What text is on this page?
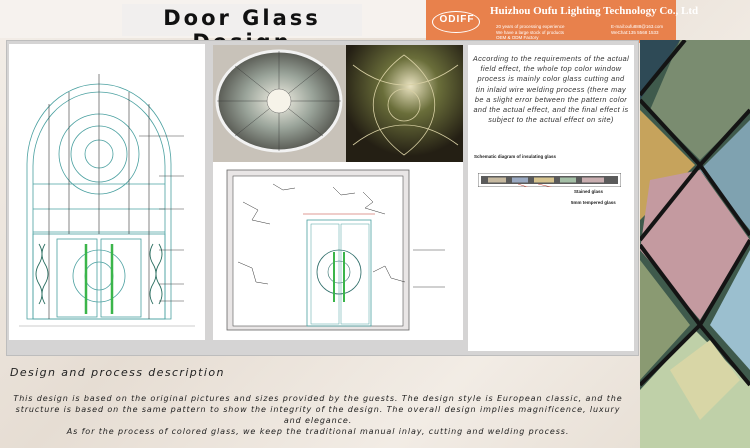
Door Glass	ODIFF
Huizhou Oufu Lighting Technology Co., Ltd
20 years of processing experience
We have a large stock of products
OEM & ODM Factory
E-mail:oufu888@163.com
WeChat:135 5568 1533
According to the requirements of the actual field effect, the whole top color window process is mainly color glass cutting and tin inlaid wire welding process (there may be a slight error between the pattern color and the actual effect, and the final effect is subject to the actual effect on site)
Schematic diagram of insulating glass
Stained glass
5mm tempered glass
Design and process description
This design is based on the original pictures and sizes provided by the guests. The design style is European classic, and the structure is based on the same pattern to show the integrity of the design. The overall design implies magnificence, luxury and elegance.
As for the process of colored glass, we keep the traditional manual inlay, cutting and welding process.
